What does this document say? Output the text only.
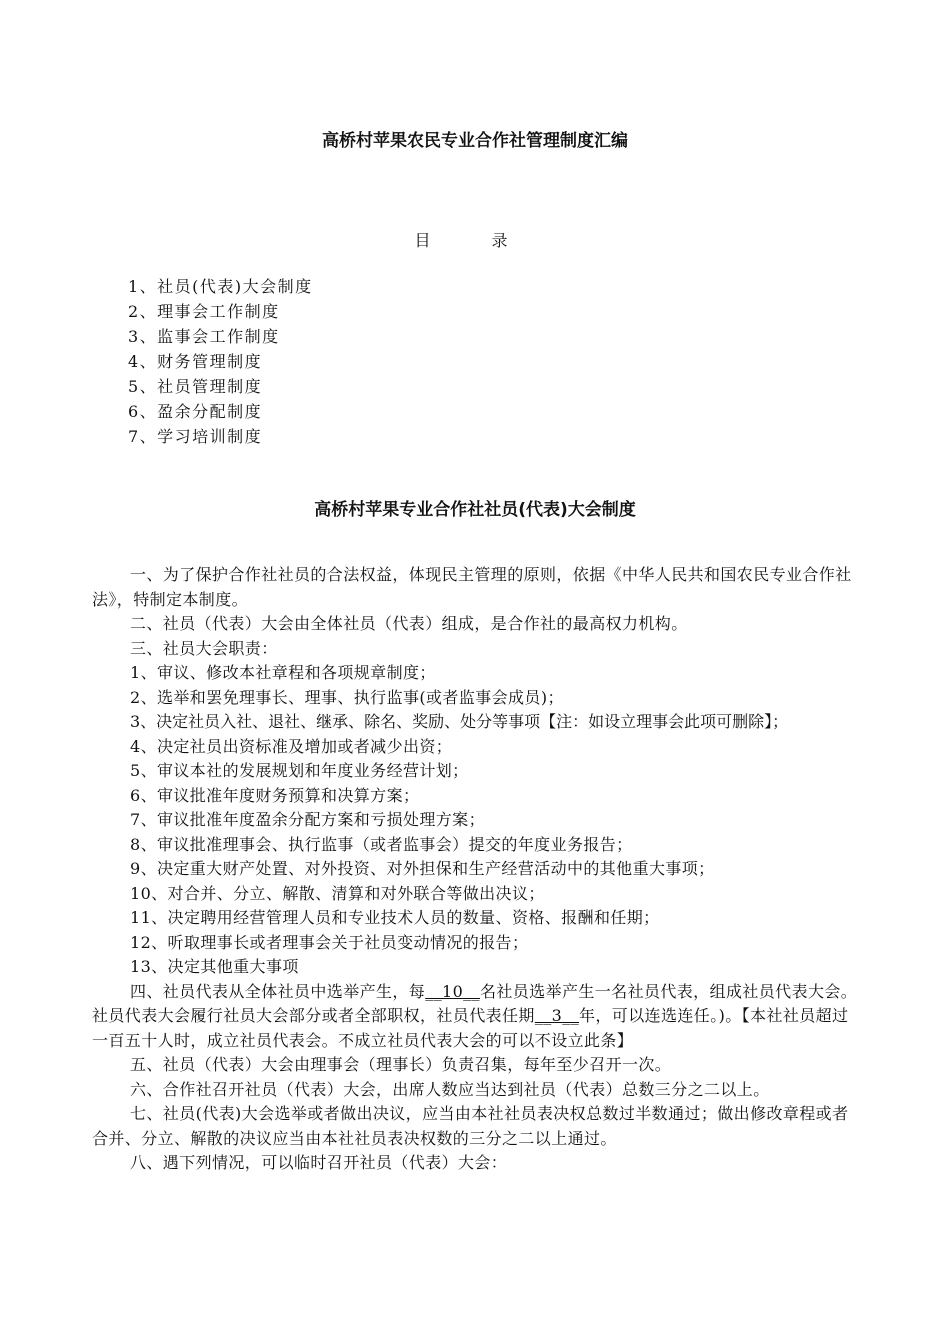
高桥村苹果农民专业合作社管理制度汇编
目 录
1、社员(代表)大会制度
2、理事会工作制度
3、监事会工作制度
4、财务管理制度
5、社员管理制度
6、盈余分配制度
7、学习培训制度
高桥村苹果专业合作社社员(代表)大会制度

一、为了保护合作社社员的合法权益，体现民主管理的原则，依据《中华人民共和国农民专业合作社法》，特制定本制度。

二、社员（代表）大会由全体社员（代表）组成，是合作社的最高权力机构。

三、社员大会职责：

1、审议、修改本社章程和各项规章制度；

2、选举和罢免理事长、理事、执行监事(或者监事会成员)；

3、决定社员入社、退社、继承、除名、奖励、处分等事项【注：如设立理事会此项可删除】；

4、决定社员出资标准及增加或者减少出资；

5、审议本社的发展规划和年度业务经营计划；

6、审议批准年度财务预算和决算方案；

7、审议批准年度盈余分配方案和亏损处理方案；

8、审议批准理事会、执行监事（或者监事会）提交的年度业务报告；

9、决定重大财产处置、对外投资、对外担保和生产经营活动中的其他重大事项；

10、对合并、分立、解散、清算和对外联合等做出决议；

11、决定聘用经营管理人员和专业技术人员的数量、资格、报酬和任期；

12、听取理事长或者理事会关于社员变动情况的报告；

13、决定其他重大事项

四、社员代表从全体社员中选举产生，每__10__名社员选举产生一名社员代表，组成社员代表大会。社员代表大会履行社员大会部分或者全部职权，社员代表任期__3__年，可以连选连任。)。【本社社员超过一百五十人时，成立社员代表会。不成立社员代表大会的可以不设立此条】

五、社员（代表）大会由理事会（理事长）负责召集，每年至少召开一次。

六、合作社召开社员（代表）大会，出席人数应当达到社员（代表）总数三分之二以上。

七、社员(代表)大会选举或者做出决议，应当由本社社员表决权总数过半数通过；做出修改章程或者合并、分立、解散的决议应当由本社社员表决权数的三分之二以上通过。

八、遇下列情况，可以临时召开社员（代表）大会：
